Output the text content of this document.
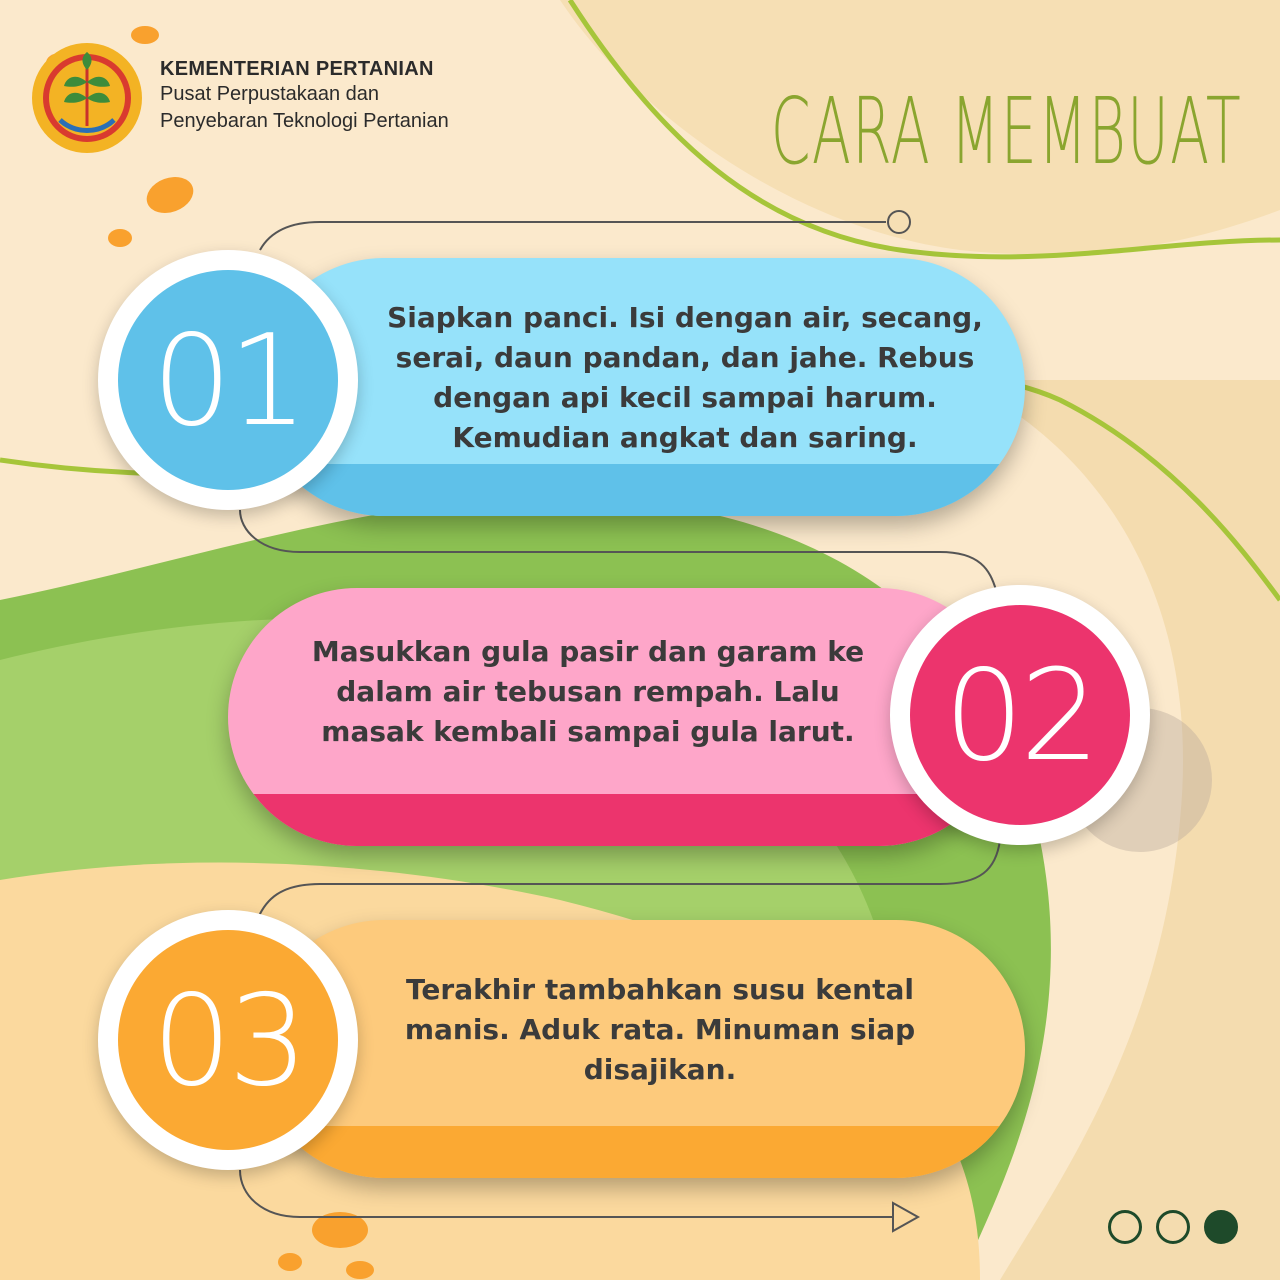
KEMENTERIAN PERTANIAN
Pusat Perpustakaan dan
Penyebaran Teknologi Pertanian	CARA MEMBUAT
Siapkan panci. Isi dengan air, secang, serai, daun pandan, dan jahe. Rebus dengan api kecil sampai harum. Kemudian angkat dan saring.
01
Masukkan gula pasir dan garam ke dalam air tebusan rempah. Lalu masak kembali sampai gula larut. 02
Terakhir tambahkan susu kental manis. Aduk rata. Minuman siap disajikan.
03
